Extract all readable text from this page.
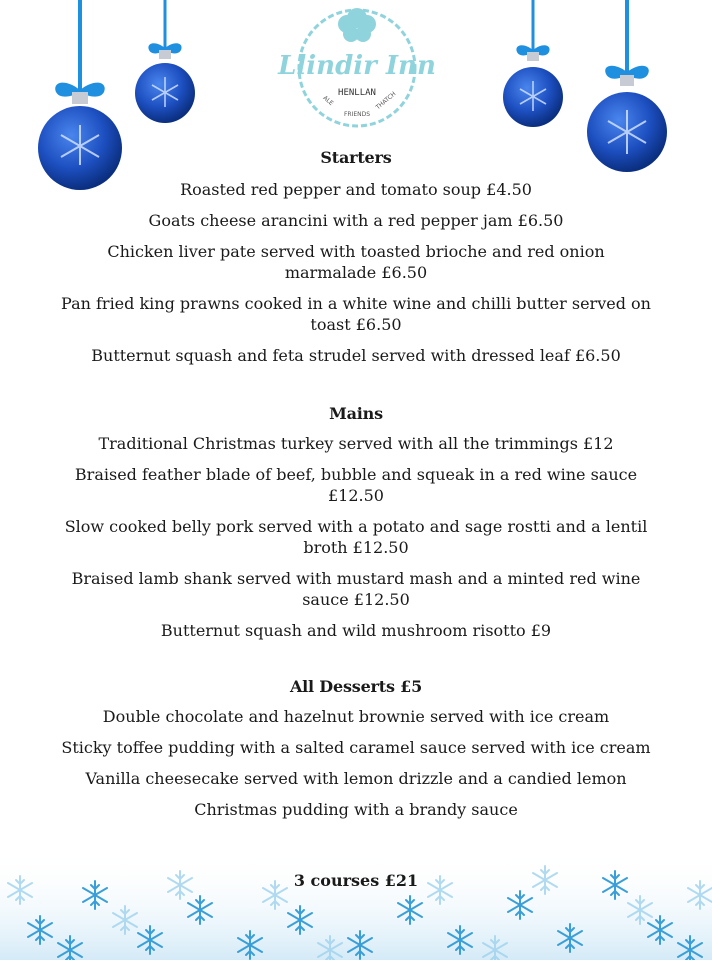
Llindir Inn
HENLLAN
ALE
FRIENDS
THATCH
Starters

Roasted red pepper and tomato soup £4.50

Goats cheese arancini with a red pepper jam £6.50

Chicken liver pate served with toasted brioche and red onion marmalade £6.50

Pan fried king prawns cooked in a white wine and chilli butter served on toast £6.50

Butternut squash and feta strudel served with dressed leaf £6.50

Mains

Traditional Christmas turkey served with all the trimmings £12

Braised feather blade of beef, bubble and squeak in a red wine sauce £12.50

Slow cooked belly pork served with a potato and sage rostti and a lentil broth £12.50

Braised lamb shank served with mustard mash and a minted red wine sauce £12.50

Butternut squash and wild mushroom risotto £9

All Desserts £5

Double chocolate and hazelnut brownie served with ice cream

Sticky toffee pudding with a salted caramel sauce served with ice cream

Vanilla cheesecake served with lemon drizzle and a candied lemon

Christmas pudding with a brandy sauce

3 courses £21
